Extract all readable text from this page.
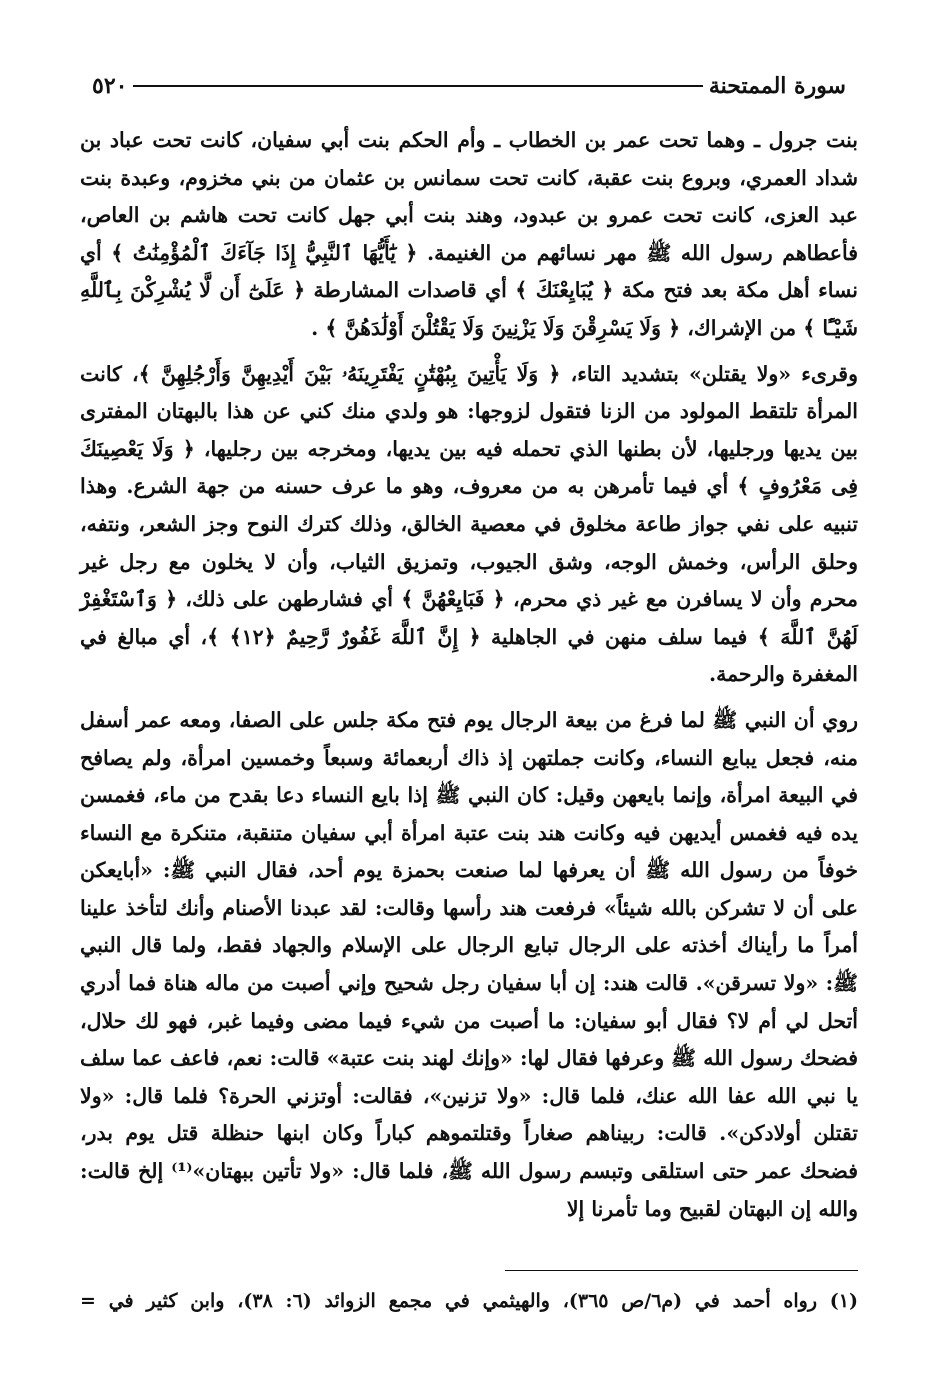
سورة الممتحنة
٥٢٠

بنت جرول ـ وهما تحت عمر بن الخطاب ـ وأم الحكم بنت أبي سفيان، كانت تحت عباد بن شداد العمري، وبروع بنت عقبة، كانت تحت سمانس بن عثمان من بني مخزوم، وعبدة بنت عبد العزى، كانت تحت عمرو بن عبدود، وهند بنت أبي جهل كانت تحت هاشم بن العاص، فأعطاهم رسول الله ﷺ مهر نسائهم من الغنيمة. ﴿ يَٰٓأَيُّهَا ٱلنَّبِيُّ إِذَا جَآءَكَ ٱلْمُؤْمِنَٰتُ ﴾ أي نساء أهل مكة بعد فتح مكة ﴿ يُبَايِعْنَكَ ﴾ أي قاصدات المشارطة ﴿ عَلَىٰٓ أَن لَّا يُشْرِكْنَ بِٱللَّهِ شَيْـًٔا ﴾ من الإشراك، ﴿ وَلَا يَسْرِقْنَ وَلَا يَزْنِينَ وَلَا يَقْتُلْنَ أَوْلَٰدَهُنَّ ﴾ .

وقرىء «ولا يقتلن» بتشديد التاء، ﴿ وَلَا يَأْتِينَ بِبُهْتَٰنٍ يَفْتَرِينَهُۥ بَيْنَ أَيْدِيهِنَّ وَأَرْجُلِهِنَّ ﴾، كانت المرأة تلتقط المولود من الزنا فتقول لزوجها: هو ولدي منك كني عن هذا بالبهتان المفترى بين يديها ورجليها، لأن بطنها الذي تحمله فيه بين يديها، ومخرجه بين رجليها، ﴿ وَلَا يَعْصِينَكَ فِى مَعْرُوفٍ ﴾ أي فيما تأمرهن به من معروف، وهو ما عرف حسنه من جهة الشرع. وهذا تنبيه على نفي جواز طاعة مخلوق في معصية الخالق، وذلك كترك النوح وجز الشعر، ونتفه، وحلق الرأس، وخمش الوجه، وشق الجيوب، وتمزيق الثياب، وأن لا يخلون مع رجل غير محرم وأن لا يسافرن مع غير ذي محرم، ﴿ فَبَايِعْهُنَّ ﴾ أي فشارطهن على ذلك، ﴿ وَٱسْتَغْفِرْ لَهُنَّ ٱللَّهَ ﴾ فيما سلف منهن في الجاهلية ﴿ إِنَّ ٱللَّهَ غَفُورٌ رَّحِيمٌ ﴿١٢﴾ ﴾، أي مبالغ في المغفرة والرحمة.

روي أن النبي ﷺ لما فرغ من بيعة الرجال يوم فتح مكة جلس على الصفا، ومعه عمر أسفل منه، فجعل يبايع النساء، وكانت جملتهن إذ ذاك أربعمائة وسبعاً وخمسين امرأة، ولم يصافح في البيعة امرأة، وإنما بايعهن وقيل: كان النبي ﷺ إذا بايع النساء دعا بقدح من ماء، فغمسن يده فيه فغمس أيديهن فيه وكانت هند بنت عتبة امرأة أبي سفيان متنقبة، متنكرة مع النساء خوفاً من رسول الله ﷺ أن يعرفها لما صنعت بحمزة يوم أحد، فقال النبي ﷺ: «أبايعكن على أن لا تشركن بالله شيئاً» فرفعت هند رأسها وقالت: لقد عبدنا الأصنام وأنك لتأخذ علينا أمراً ما رأيناك أخذته على الرجال تبايع الرجال على الإسلام والجهاد فقط، ولما قال النبي ﷺ: «ولا تسرقن». قالت هند: إن أبا سفيان رجل شحيح وإني أصبت من ماله هناة فما أدري أتحل لي أم لا؟ فقال أبو سفيان: ما أصبت من شيء فيما مضى وفيما غبر، فهو لك حلال، فضحك رسول الله ﷺ وعرفها فقال لها: «وإنك لهند بنت عتبة» قالت: نعم، فاعف عما سلف يا نبي الله عفا الله عنك، فلما قال: «ولا تزنين»، فقالت: أوتزني الحرة؟ فلما قال: «ولا تقتلن أولادكن». قالت: ربيناهم صغاراً وقتلتموهم كباراً وكان ابنها حنظلة قتل يوم بدر، فضحك عمر حتى استلقى وتبسم رسول الله ﷺ، فلما قال: «ولا تأتين ببهتان»⁽¹⁾ إلخ قالت: والله إن البهتان لقبيح وما تأمرنا إلا

(١) رواه أحمد في (م٦/ص ٣٦٥)، والهيثمي في مجمع الزوائد (٦: ٣٨)، وابن كثير في =
